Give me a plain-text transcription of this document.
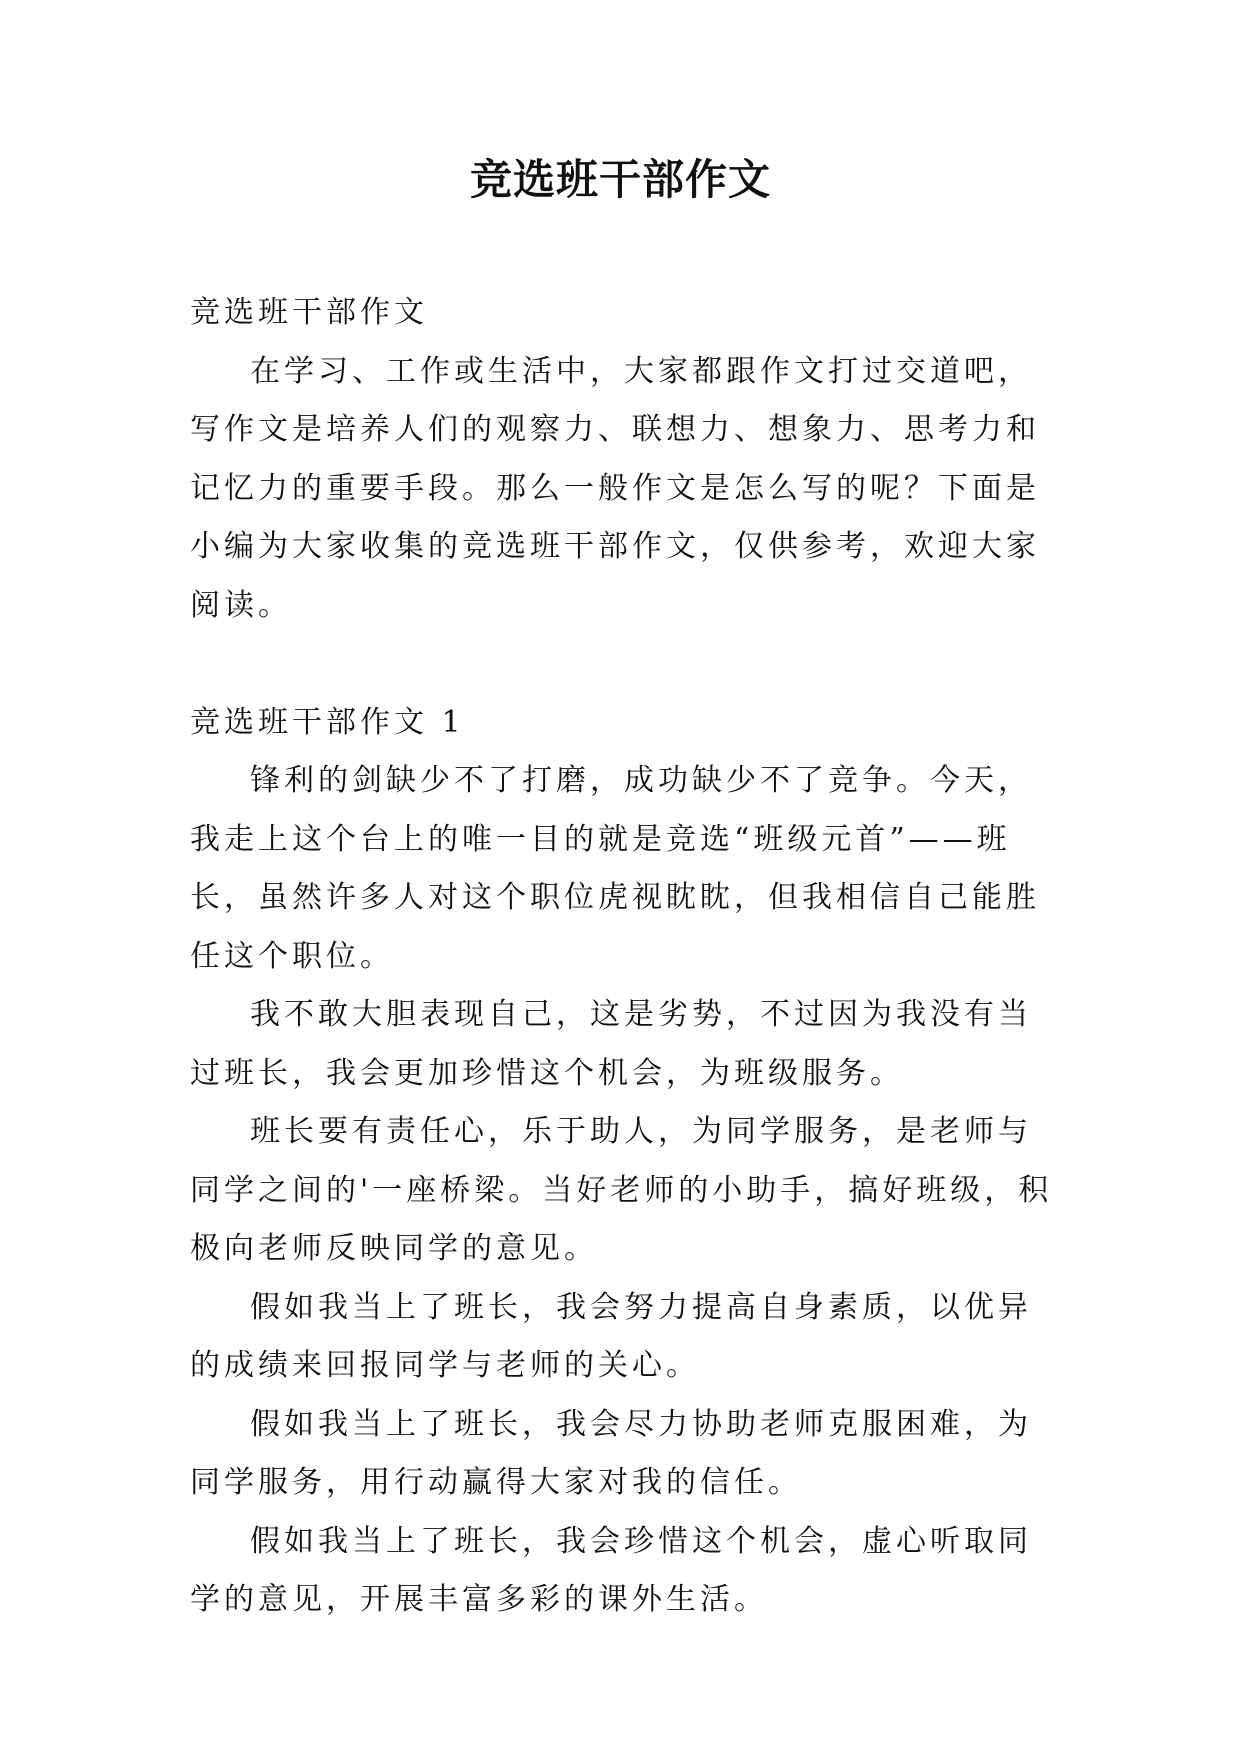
竞选班干部作文

竞选班干部作文

在学习、工作或生活中，大家都跟作文打过交道吧，写作文是培养人们的观察力、联想力、想象力、思考力和记忆力的重要手段。那么一般作文是怎么写的呢？下面是小编为大家收集的竞选班干部作文，仅供参考，欢迎大家阅读。

竞选班干部作文 1

锋利的剑缺少不了打磨，成功缺少不了竞争。今天，我走上这个台上的唯一目的就是竞选“班级元首”——班长，虽然许多人对这个职位虎视眈眈，但我相信自己能胜任这个职位。

我不敢大胆表现自己，这是劣势，不过因为我没有当过班长，我会更加珍惜这个机会，为班级服务。

班长要有责任心，乐于助人，为同学服务，是老师与同学之间的'一座桥梁。当好老师的小助手，搞好班级，积极向老师反映同学的意见。

假如我当上了班长，我会努力提高自身素质，以优异的成绩来回报同学与老师的关心。

假如我当上了班长，我会尽力协助老师克服困难，为同学服务，用行动赢得大家对我的信任。

假如我当上了班长，我会珍惜这个机会，虚心听取同学的意见，开展丰富多彩的课外生活。
